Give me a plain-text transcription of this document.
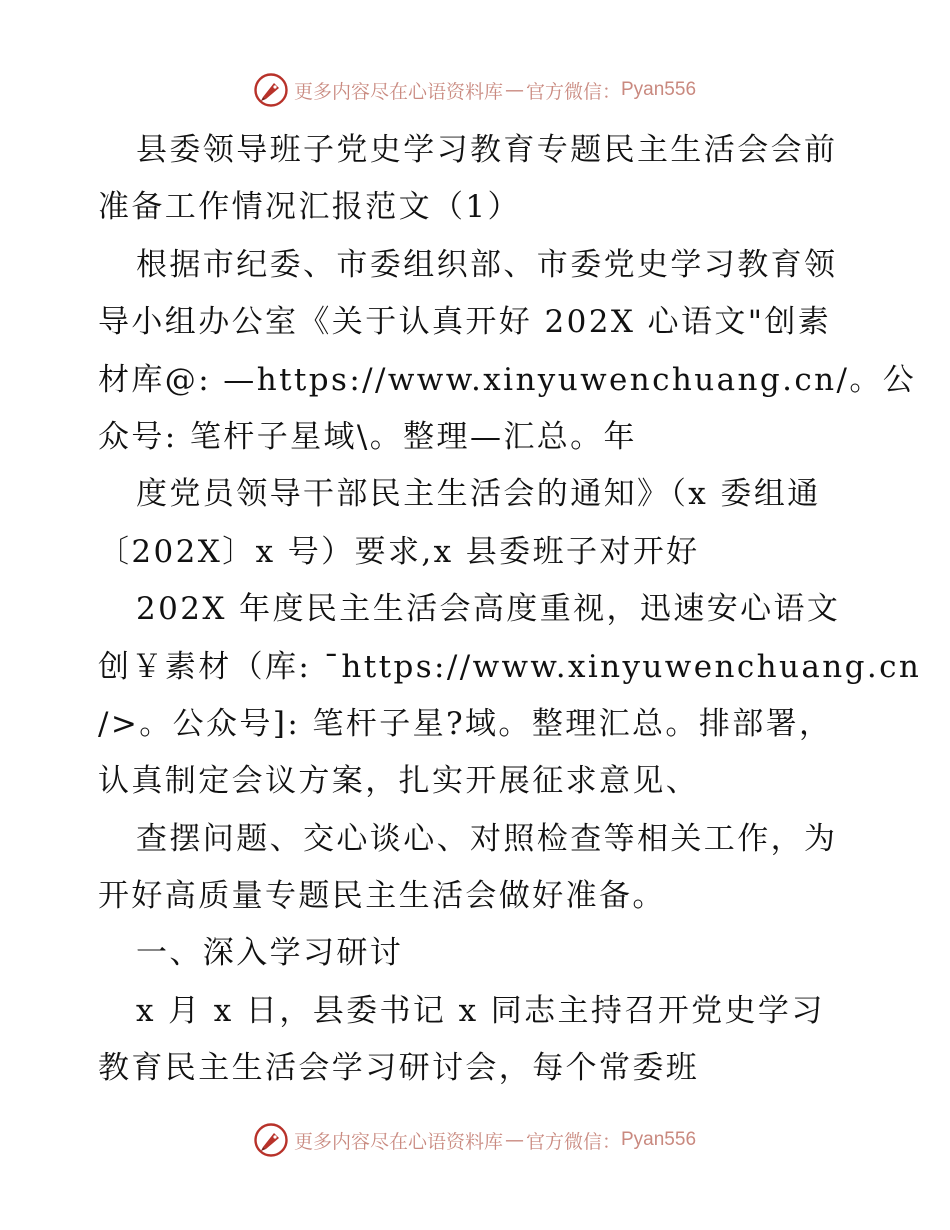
更多内容尽在心语资料库 — 官方微信： Pyan556
县委领导班子党史学习教育专题民主生活会会前
准备工作情况汇报范文（1）
根据市纪委、市委组织部、市委党史学习教育领
导小组办公室《关于认真开好 202X 心语文"创素
材库@: —https://www.xinyuwenchuang.cn/。公
众号: 笔杆子星域\。整理—汇总。年
度党员领导干部民主生活会的通知》（x 委组通
〔202X〕x 号）要求,x 县委班子对开好
202X 年度民主生活会高度重视，迅速安心语文
创￥素材（库: ¯https://www.xinyuwenchuang.cn
/>。公众号]: 笔杆子星?域。整理汇总。排部署，
认真制定会议方案，扎实开展征求意见、
查摆问题、交心谈心、对照检查等相关工作，为
开好高质量专题民主生活会做好准备。
一、深入学习研讨
x 月 x 日，县委书记 x 同志主持召开党史学习
教育民主生活会学习研讨会，每个常委班
更多内容尽在心语资料库 — 官方微信： Pyan556
